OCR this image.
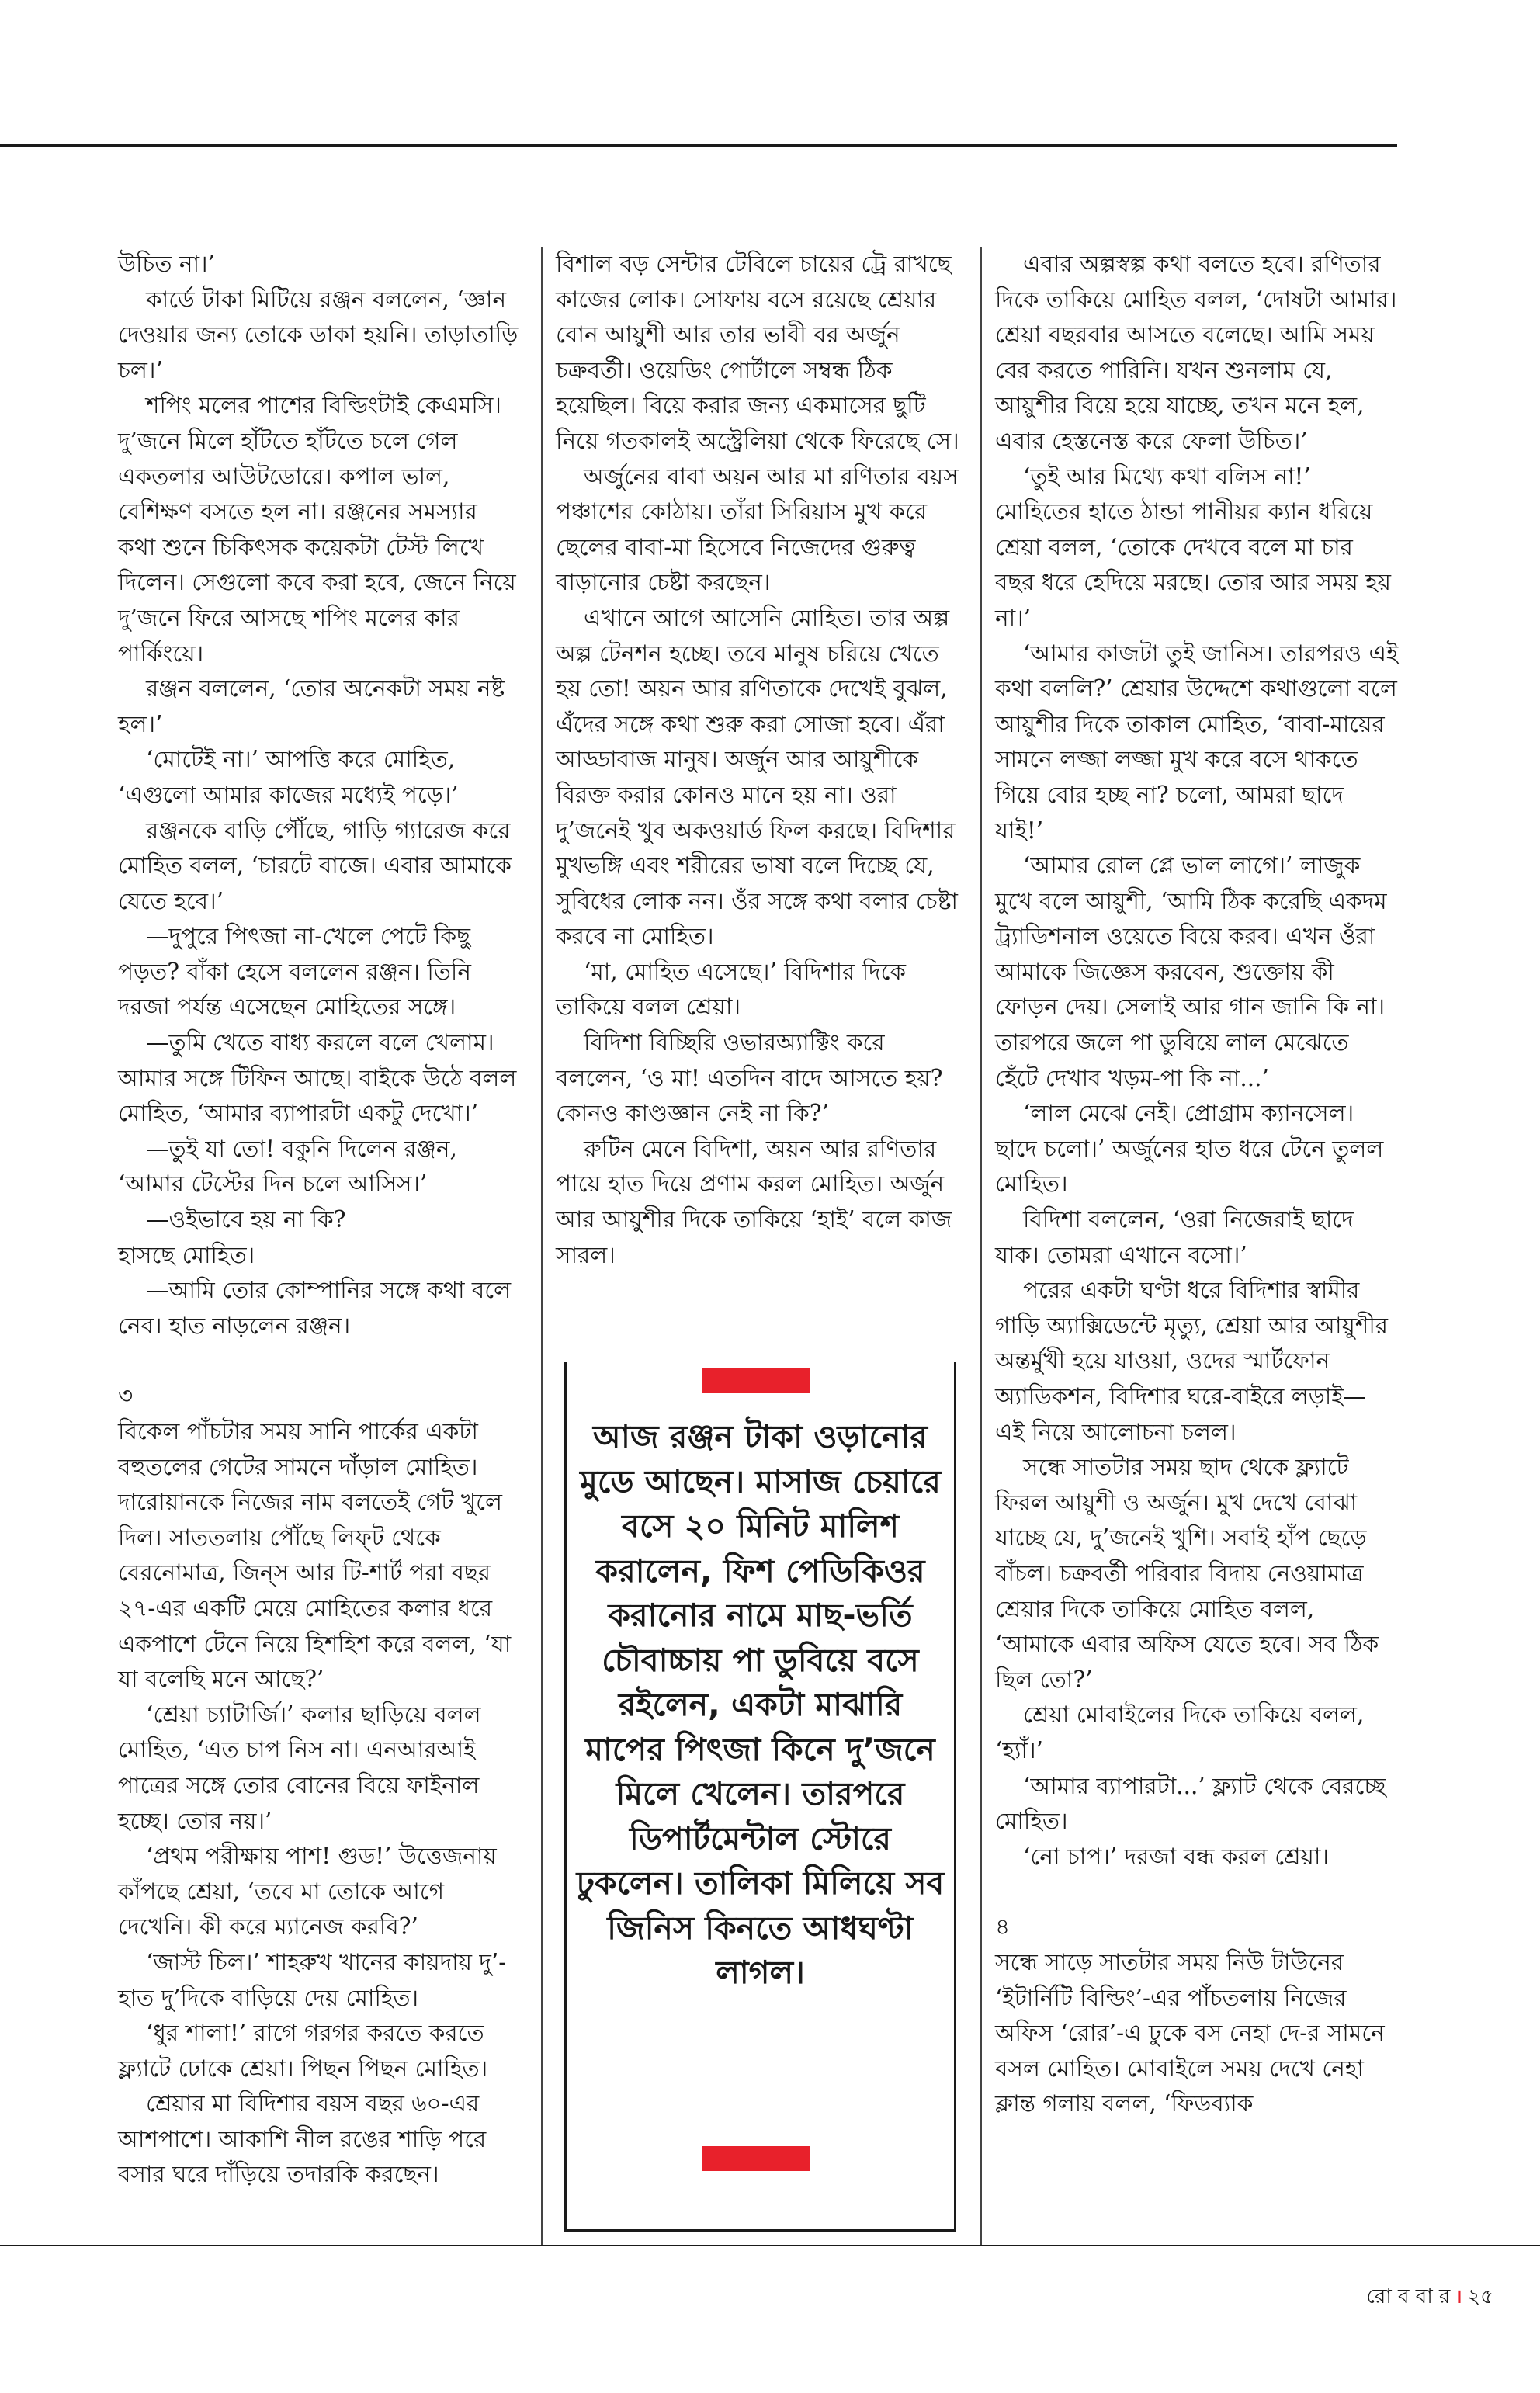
উচিত না।’

কার্ডে টাকা মিটিয়ে রঞ্জন বললেন, ‘জ্ঞান দেওয়ার জন্য তোকে ডাকা হয়নি। তাড়াতাড়ি চল।’

শপিং মলের পাশের বিল্ডিংটাই কেএমসি। দু’জনে মিলে হাঁটতে হাঁটতে চলে গেল একতলার আউটডোরে। কপাল ভাল, বেশিক্ষণ বসতে হল না। রঞ্জনের সমস্যার কথা শুনে চিকিৎসক কয়েকটা টেস্ট লিখে দিলেন। সেগুলো কবে করা হবে, জেনে নিয়ে দু’জনে ফিরে আসছে শপিং মলের কার পার্কিংয়ে।

রঞ্জন বললেন, ‘তোর অনেকটা সময় নষ্ট হল।’

‘মোটেই না।’ আপত্তি করে মোহিত, ‘এগুলো আমার কাজের মধ্যেই পড়ে।’

রঞ্জনকে বাড়ি পৌঁছে, গাড়ি গ্যারেজ করে মোহিত বলল, ‘চারটে বাজে। এবার আমাকে যেতে হবে।’

—দুপুরে পিৎজা না-খেলে পেটে কিছু পড়ত? বাঁকা হেসে বললেন রঞ্জন। তিনি দরজা পর্যন্ত এসেছেন মোহিতের সঙ্গে।

—তুমি খেতে বাধ্য করলে বলে খেলাম। আমার সঙ্গে টিফিন আছে। বাইকে উঠে বলল মোহিত, ‘আমার ব্যাপারটা একটু দেখো।’

—তুই যা তো! বকুনি দিলেন রঞ্জন, ‘আমার টেস্টের দিন চলে আসিস।’

—ওইভাবে হয় না কি?

হাসছে মোহিত।

—আমি তোর কোম্পানির সঙ্গে কথা বলে নেব। হাত নাড়লেন রঞ্জন।

৩

বিকেল পাঁচটার সময় সানি পার্কের একটা বহুতলের গেটের সামনে দাঁড়াল মোহিত। দারোয়ানকে নিজের নাম বলতেই গেট খুলে দিল। সাততলায় পৌঁছে লিফ্‌ট থেকে বেরনোমাত্র, জিন্‌স আর টি-শার্ট পরা বছর ২৭-এর একটি মেয়ে মোহিতের কলার ধরে একপাশে টেনে নিয়ে হিশহিশ করে বলল, ‘যা যা বলেছি মনে আছে?’

‘শ্রেয়া চ্যাটার্জি।’ কলার ছাড়িয়ে বলল মোহিত, ‘এত চাপ নিস না। এনআরআই পাত্রের সঙ্গে তোর বোনের বিয়ে ফাইনাল হচ্ছে। তোর নয়।’

‘প্রথম পরীক্ষায় পাশ! গুড!’ উত্তেজনায় কাঁপছে শ্রেয়া, ‘তবে মা তোকে আগে দেখেনি। কী করে ম্যানেজ করবি?’

‘জাস্ট চিল।’ শাহরুখ খানের কায়দায় দু’-হাত দু’দিকে বাড়িয়ে দেয় মোহিত।

‘ধুর শালা!’ রাগে গরগর করতে করতে ফ্ল্যাটে ঢোকে শ্রেয়া। পিছন পিছন মোহিত।

শ্রেয়ার মা বিদিশার বয়স বছর ৬০-এর আশপাশে। আকাশি নীল রঙের শাড়ি পরে বসার ঘরে দাঁড়িয়ে তদারকি করছেন।

বিশাল বড় সেন্টার টেবিলে চায়ের ট্রে রাখছে কাজের লোক। সোফায় বসে রয়েছে শ্রেয়ার বোন আয়ুশী আর তার ভাবী বর অর্জুন চক্রবর্তী। ওয়েডিং পোর্টালে সম্বন্ধ ঠিক হয়েছিল। বিয়ে করার জন্য একমাসের ছুটি নিয়ে গতকালই অস্ট্রেলিয়া থেকে ফিরেছে সে।

অর্জুনের বাবা অয়ন আর মা রণিতার বয়স পঞ্চাশের কোঠায়। তাঁরা সিরিয়াস মুখ করে ছেলের বাবা-মা হিসেবে নিজেদের গুরুত্ব বাড়ানোর চেষ্টা করছেন।

এখানে আগে আসেনি মোহিত। তার অল্প অল্প টেনশন হচ্ছে। তবে মানুষ চরিয়ে খেতে হয় তো! অয়ন আর রণিতাকে দেখেই বুঝল, এঁদের সঙ্গে কথা শুরু করা সোজা হবে। এঁরা আড্ডাবাজ মানুষ। অর্জুন আর আয়ুশীকে বিরক্ত করার কোনও মানে হয় না। ওরা দু’জনেই খুব অকওয়ার্ড ফিল করছে। বিদিশার মুখভঙ্গি এবং শরীরের ভাষা বলে দিচ্ছে যে, সুবিধের লোক নন। ওঁর সঙ্গে কথা বলার চেষ্টা করবে না মোহিত।

‘মা, মোহিত এসেছে।’ বিদিশার দিকে তাকিয়ে বলল শ্রেয়া।

বিদিশা বিচ্ছিরি ওভারঅ্যাক্টিং করে বললেন, ‘ও মা! এতদিন বাদে আসতে হয়? কোনও কাণ্ডজ্ঞান নেই না কি?’

রুটিন মেনে বিদিশা, অয়ন আর রণিতার পায়ে হাত দিয়ে প্রণাম করল মোহিত। অর্জুন আর আয়ুশীর দিকে তাকিয়ে ‘হাই’ বলে কাজ সারল।

আজ রঞ্জন টাকা ওড়ানোর মুডে আছেন। মাসাজ চেয়ারে বসে ২০ মিনিট মালিশ করালেন, ফিশ পেডিকিওর করানোর নামে মাছ-ভর্তি চৌবাচ্চায় পা ডুবিয়ে বসে রইলেন, একটা মাঝারি মাপের পিৎজা কিনে দু’জনে মিলে খেলেন। তারপরে ডিপার্টমেন্টাল স্টোরে ঢুকলেন। তালিকা মিলিয়ে সব জিনিস কিনতে আধঘণ্টা লাগল।

এবার অল্পস্বল্প কথা বলতে হবে। রণিতার দিকে তাকিয়ে মোহিত বলল, ‘দোষটা আমার। শ্রেয়া বছরবার আসতে বলেছে। আমি সময় বের করতে পারিনি। যখন শুনলাম যে, আয়ুশীর বিয়ে হয়ে যাচ্ছে, তখন মনে হল, এবার হেস্তনেস্ত করে ফেলা উচিত।’

‘তুই আর মিথ্যে কথা বলিস না!’ মোহিতের হাতে ঠান্ডা পানীয়র ক্যান ধরিয়ে শ্রেয়া বলল, ‘তোকে দেখবে বলে মা চার বছর ধরে হেদিয়ে মরছে। তোর আর সময় হয় না।’

‘আমার কাজটা তুই জানিস। তারপরও এই কথা বললি?’ শ্রেয়ার উদ্দেশে কথাগুলো বলে আয়ুশীর দিকে তাকাল মোহিত, ‘বাবা-মায়ের সামনে লজ্জা লজ্জা মুখ করে বসে থাকতে গিয়ে বোর হচ্ছ না? চলো, আমরা ছাদে যাই!’

‘আমার রোল প্লে ভাল লাগে।’ লাজুক মুখে বলে আয়ুশী, ‘আমি ঠিক করেছি একদম ট্র্যাডিশনাল ওয়েতে বিয়ে করব। এখন ওঁরা আমাকে জিজ্ঞেস করবেন, শুক্তোয় কী ফোড়ন দেয়। সেলাই আর গান জানি কি না। তারপরে জলে পা ডুবিয়ে লাল মেঝেতে হেঁটে দেখাব খড়ম-পা কি না...’

‘লাল মেঝে নেই। প্রোগ্রাম ক্যানসেল। ছাদে চলো।’ অর্জুনের হাত ধরে টেনে তুলল মোহিত।

বিদিশা বললেন, ‘ওরা নিজেরাই ছাদে যাক। তোমরা এখানে বসো।’

পরের একটা ঘণ্টা ধরে বিদিশার স্বামীর গাড়ি অ্যাক্সিডেন্টে মৃত্যু, শ্রেয়া আর আয়ুশীর অন্তর্মুখী হয়ে যাওয়া, ওদের স্মার্টফোন অ্যাডিকশন, বিদিশার ঘরে-বাইরে লড়াই— এই নিয়ে আলোচনা চলল।

সন্ধে সাতটার সময় ছাদ থেকে ফ্ল্যাটে ফিরল আয়ুশী ও অর্জুন। মুখ দেখে বোঝা যাচ্ছে যে, দু’জনেই খুশি। সবাই হাঁপ ছেড়ে বাঁচল। চক্রবর্তী পরিবার বিদায় নেওয়ামাত্র শ্রেয়ার দিকে তাকিয়ে মোহিত বলল, ‘আমাকে এবার অফিস যেতে হবে। সব ঠিক ছিল তো?’

শ্রেয়া মোবাইলের দিকে তাকিয়ে বলল, ‘হ্যাঁ।’

‘আমার ব্যাপারটা...’ ফ্ল্যাট থেকে বেরচ্ছে মোহিত।

‘নো চাপ।’ দরজা বন্ধ করল শ্রেয়া।

৪

সন্ধে সাড়ে সাতটার সময় নিউ টাউনের ‘ইটার্নিটি বিল্ডিং’-এর পাঁচতলায় নিজের অফিস ‘রোর’-এ ঢুকে বস নেহা দে-র সামনে বসল মোহিত। মোবাইলে সময় দেখে নেহা ক্লান্ত গলায় বলল, ‘ফিডব্যাক

রো ব বা র । ২৫
